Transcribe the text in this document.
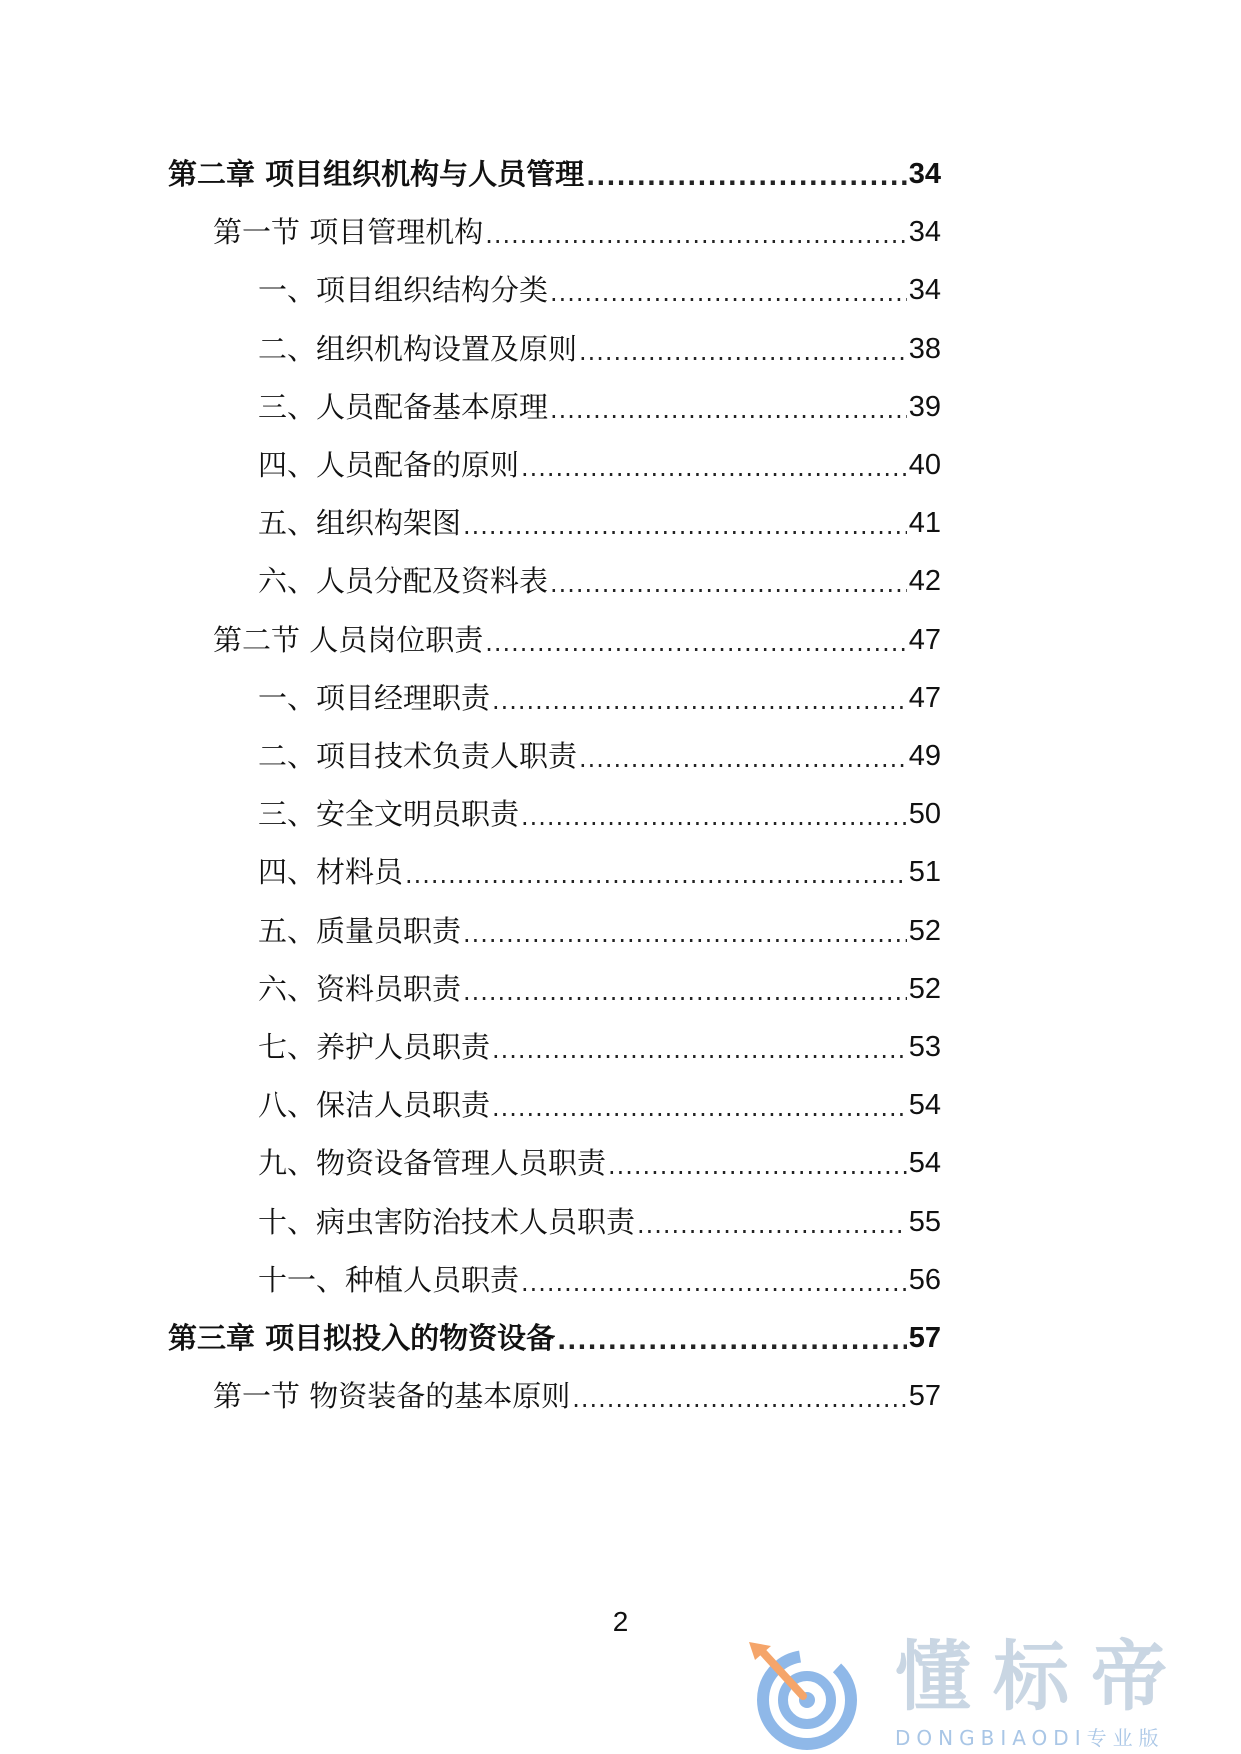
第二章 项目组织机构与人员管理 .....	34
第一节 项目管理机构 .....	34
一、项目组织结构分类 .....	34
二、组织机构设置及原则 .....	38
三、人员配备基本原理 .....	39
四、人员配备的原则 .....	40
五、组织构架图 .....	41
六、人员分配及资料表 .....	42
第二节 人员岗位职责 .....	47
一、项目经理职责 .....	47
二、项目技术负责人职责 .....	49
三、安全文明员职责 .....	50
四、材料员 .....	51
五、质量员职责 .....	52
六、资料员职责 .....	52
七、养护人员职责 .....	53
八、保洁人员职责 .....	54
九、物资设备管理人员职责 .....	54
十、病虫害防治技术人员职责 .....	55
十一、种植人员职责 .....	56
第三章 项目拟投入的物资设备 .....	57
第一节 物资装备的基本原则 .....	57
2
懂标帝
DONGBIAODI专业版
